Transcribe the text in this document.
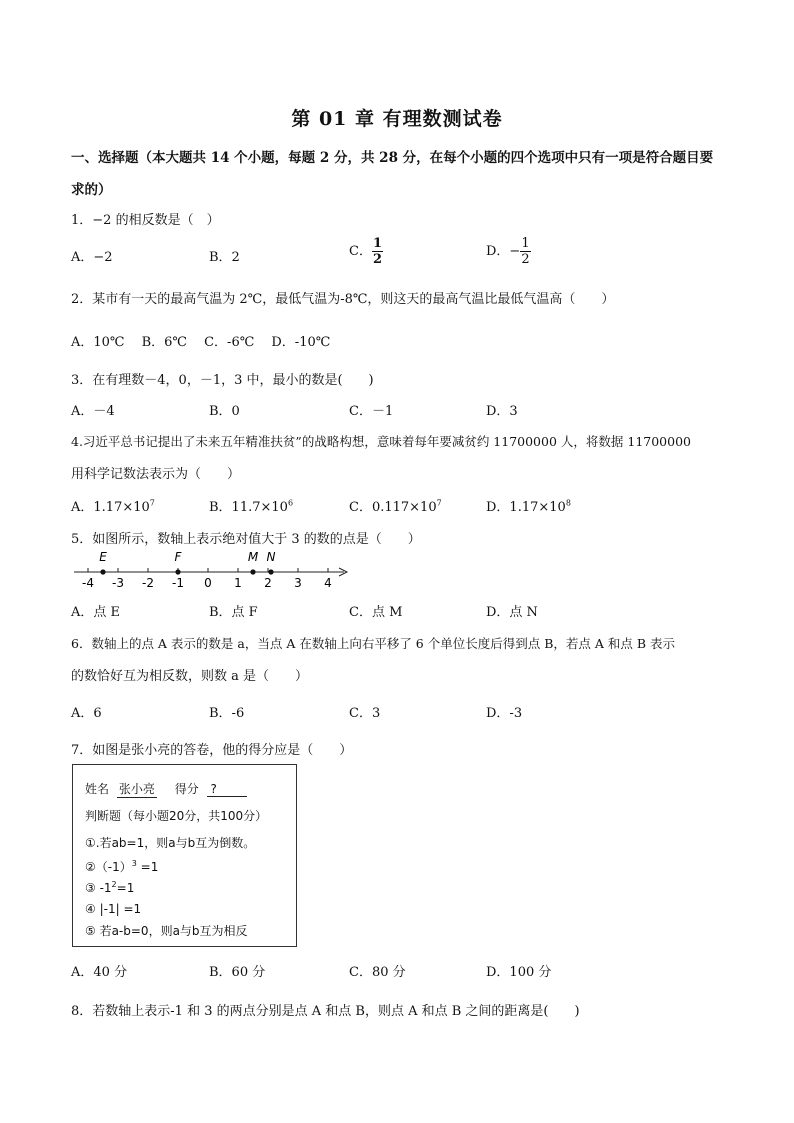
第 01 章 有理数测试卷
一、选择题（本大题共 14 个小题，每题 2 分，共 28 分，在每个小题的四个选项中只有一项是符合题目要
求的）
1．−2 的相反数是（　）
A．−2	B．2	C． $\frac{1}{2}$	D．− $\frac{1}{2}$
2．某市有一天的最高气温为 2℃，最低气温为-8℃，则这天的最高气温比最低气温高（　　）
A．10℃　 B．6℃　 C．-6℃　 D．-10℃
3．在有理数－4，0，－1，3 中，最小的数是(　　)
A．－4	B．0	C．－1	D．3
4.习近平总书记提出了未来五年精准扶贫”的战略构想，意味着每年要减贫约 11700000 人，将数据 11700000
用科学记数法表示为（　　）
A．$1.17\times 10^7$	B．$11.7\times 10^6$	C．$0.117\times 10^7$	D．$1.17\times 10^8$
5．如图所示，数轴上表示绝对值大于 3 的数的点是（　　）
-4 -3 -2 -1 0 1 2 3 4
E	F	M N
A．点 E	B．点 F	C．点 M	D．点 N
6．数轴上的点 A 表示的数是 a，当点 A 在数轴上向右平移了 6 个单位长度后得到点 B，若点 A 和点 B 表示
的数恰好互为相反数，则数 a 是（　　）
A．6	B．-6	C．3	D．-3
7．如图是张小亮的答卷，他的得分应是（　　）
姓名 张小亮 得分 ?
判断题（每小题20分，共100分）
①.若ab=1，则a与b互为倒数。
$②(-1)^3 =1$
③ $-1^2=1$
④ |-1| =1
⑤ 若a-b=0，则a与b互为相反
A．40 分	B．60 分	C．80 分	D．100 分
8．若数轴上表示-1 和 3 的两点分别是点 A 和点 B，则点 A 和点 B 之间的距离是(　　)
